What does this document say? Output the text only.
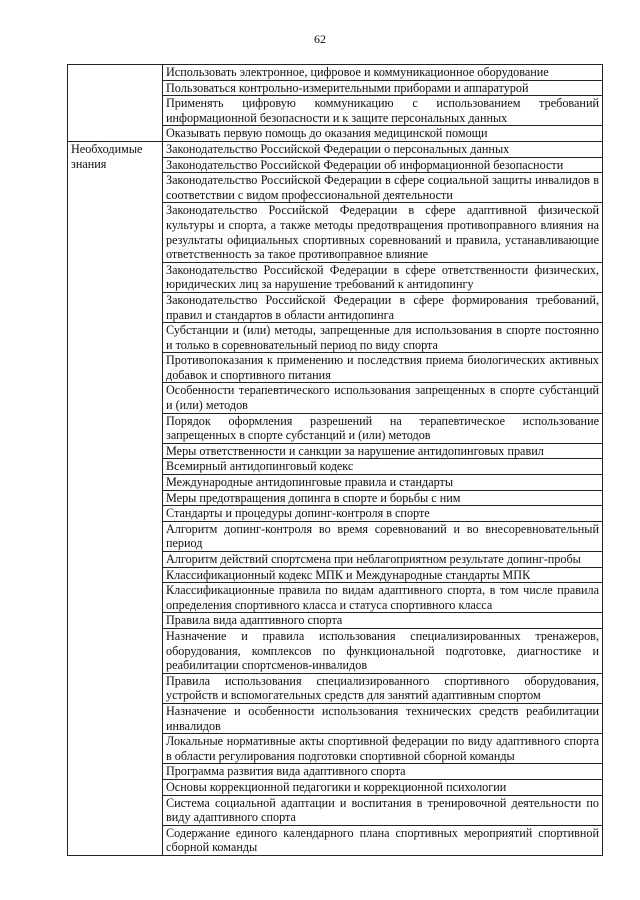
62
	Использовать электронное, цифровое и коммуникационное оборудование
	Пользоваться контрольно-измерительными приборами и аппаратурой
	Применять цифровую коммуникацию с использованием требований информационной безопасности и к защите персональных данных
	Оказывать первую помощь до оказания медицинской помощи
Необходимые знания	Законодательство Российской Федерации о персональных данных
	Законодательство Российской Федерации об информационной безопасности
	Законодательство Российской Федерации в сфере социальной защиты инвалидов в соответствии с видом профессиональной деятельности
	Законодательство Российской Федерации в сфере адаптивной физической культуры и спорта, а также методы предотвращения противоправного влияния на результаты официальных спортивных соревнований и правила, устанавливающие ответственность за такое противоправное влияние
	Законодательство Российской Федерации в сфере ответственности физических, юридических лиц за нарушение требований к антидопингу
	Законодательство Российской Федерации в сфере формирования требований, правил и стандартов в области антидопинга
	Субстанции и (или) методы, запрещенные для использования в спорте постоянно и только в соревновательный период по виду спорта
	Противопоказания к применению и последствия приема биологических активных добавок и спортивного питания
	Особенности терапевтического использования запрещенных в спорте субстанций и (или) методов
	Порядок оформления разрешений на терапевтическое использование запрещенных в спорте субстанций и (или) методов
	Меры ответственности и санкции за нарушение антидопинговых правил
	Всемирный антидопинговый кодекс
	Международные антидопинговые правила и стандарты
	Меры предотвращения допинга в спорте и борьбы с ним
	Стандарты и процедуры допинг-контроля в спорте
	Алгоритм допинг-контроля во время соревнований и во внесоревновательный период
	Алгоритм действий спортсмена при неблагоприятном результате допинг-пробы
	Классификационный кодекс МПК и Международные стандарты МПК
	Классификационные правила по видам адаптивного спорта, в том числе правила определения спортивного класса и статуса спортивного класса
	Правила вида адаптивного спорта
	Назначение и правила использования специализированных тренажеров, оборудования, комплексов по функциональной подготовке, диагностике и реабилитации спортсменов-инвалидов
	Правила использования специализированного спортивного оборудования, устройств и вспомогательных средств для занятий адаптивным спортом
	Назначение и особенности использования технических средств реабилитации инвалидов
	Локальные нормативные акты спортивной федерации по виду адаптивного спорта в области регулирования подготовки спортивной сборной команды
	Программа развития вида адаптивного спорта
	Основы коррекционной педагогики и коррекционной психологии
	Система социальной адаптации и воспитания в тренировочной деятельности по виду адаптивного спорта
	Содержание единого календарного плана спортивных мероприятий спортивной сборной команды
